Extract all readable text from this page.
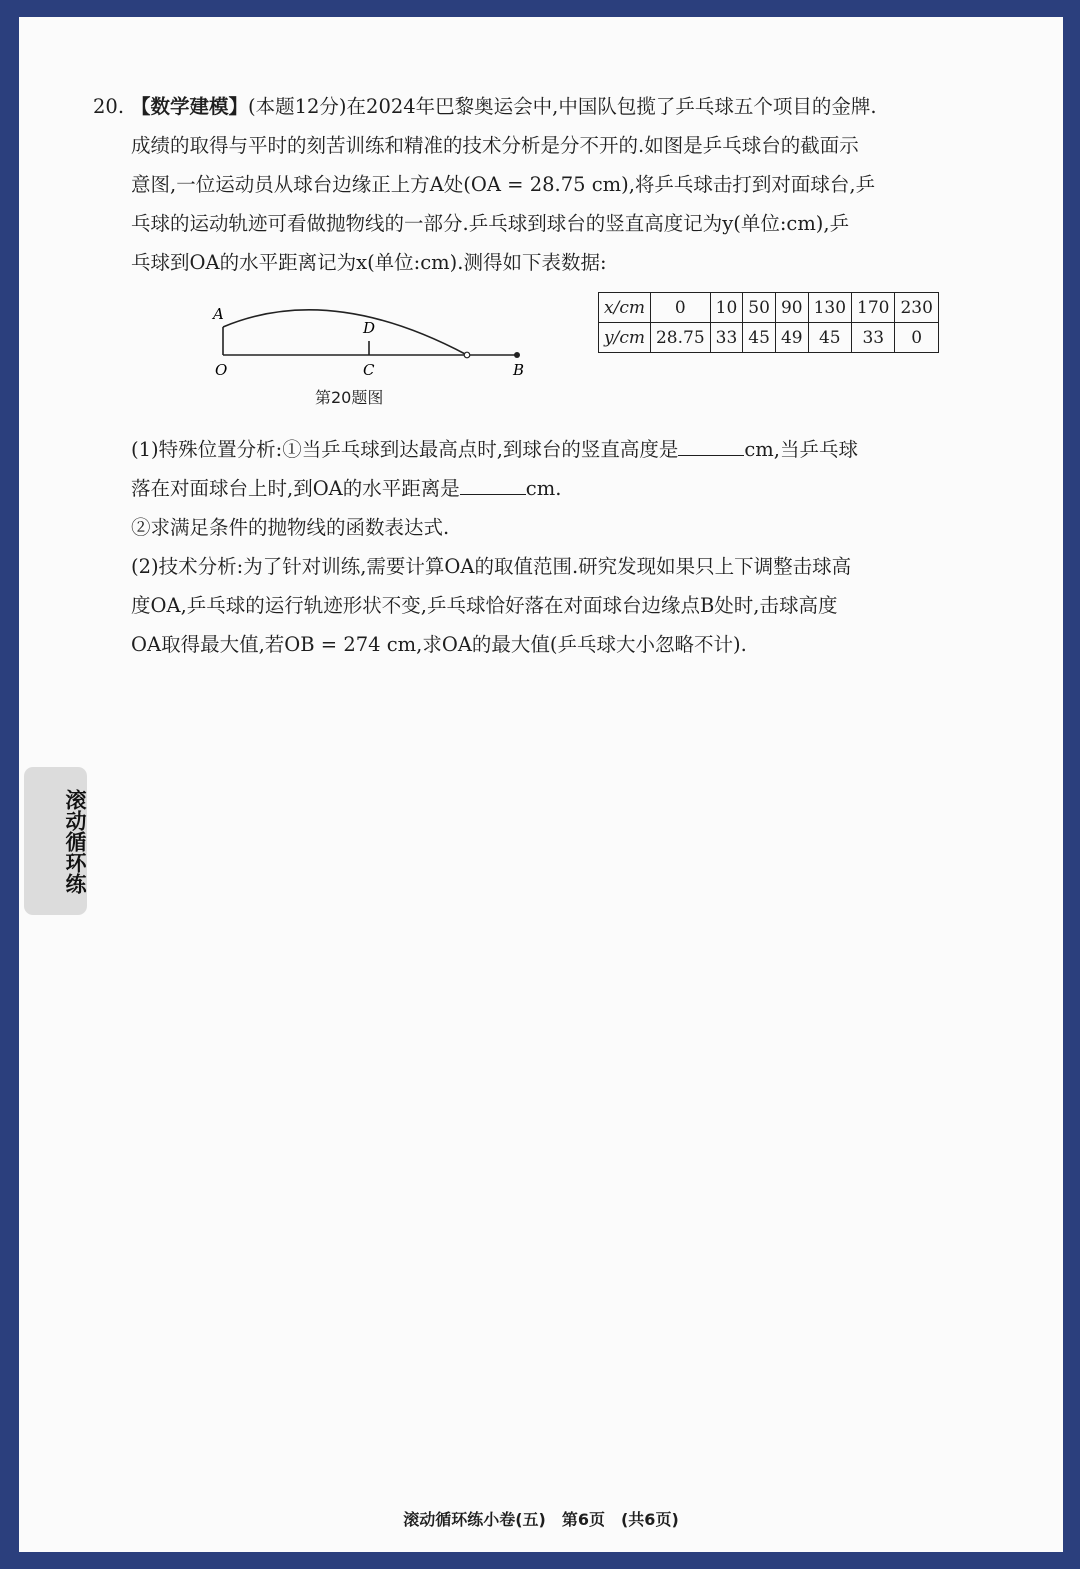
20. 【数学建模】(本题12分)在2024年巴黎奥运会中,中国队包揽了乒乓球五个项目的金牌.
成绩的取得与平时的刻苦训练和精准的技术分析是分不开的.如图是乒乓球台的截面示
意图,一位运动员从球台边缘正上方A处(OA = 28.75 cm),将乒乓球击打到对面球台,乒
乓球的运动轨迹可看做抛物线的一部分.乒乓球到球台的竖直高度记为y(单位:cm),乒
乓球到OA的水平距离记为x(单位:cm).测得如下表数据:
(1)特殊位置分析:①当乒乓球到达最高点时,到球台的竖直高度是	cm,当乒乓球
落在对面球台上时,到OA的水平距离是	cm.
②求满足条件的抛物线的函数表达式.
(2)技术分析:为了针对训练,需要计算OA的取值范围.研究发现如果只上下调整击球高
度OA,乒乓球的运行轨迹形状不变,乒乓球恰好落在对面球台边缘点B处时,击球高度
OA取得最大值,若OB = 274 cm,求OA的最大值(乒乓球大小忽略不计).
A
D
O	C	B
第20题图
x/cm	0	10	50	90	130	170	230
y/cm	28.75	33	45	49	45	33	0
滚动循环练
滚动循环练小卷(五)　第6页　(共6页)
